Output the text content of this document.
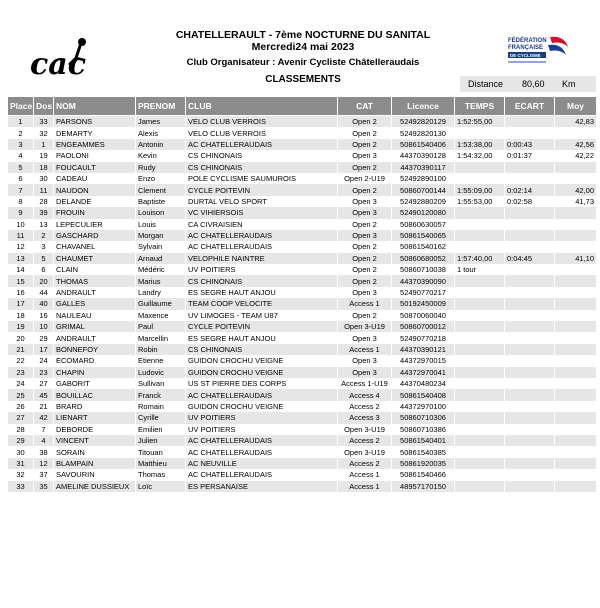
cac
CHATELLERAULT - 7ème NOCTURNE DU SANITAL
Mercredi24 mai 2023
Club Organisateur : Avenir Cycliste Châtelleraudais
CLASSEMENTS
FÉDÉRATION
FRANÇAISE
DE CYCLISME
Distance 80,60 Km
Place	Dos	NOM	PRENOM	CLUB	CAT	Licence	TEMPS	ECART	Moy
1	33	PARSONS	James	VELO CLUB VERROIS	Open 2	52492820129	1:52:55,00		42,83
2	32	DEMARTY	Alexis	VELO CLUB VERROIS	Open 2	52492820130			
3	1	ENGEAMMES	Antonin	AC CHATELLERAUDAIS	Open 2	50861540406	1:53:38,00	0:00:43	42,56
4	19	PAOLONI	Kevin	CS CHINONAIS	Open 3	44370390128	1:54:32,00	0:01:37	42,22
5	18	FOUCAULT	Rudy	CS CHINONAIS	Open 2	44370390117			
6	30	CADEAU	Enzo	POLE CYCLISME SAUMUROIS	Open 2-U19	52492890100			
7	11	NAUDON	Clement	CYCLE POITEVIN	Open 2	50860700144	1:55:09,00	0:02:14	42,00
8	28	DELANDE	Baptiste	DURTAL VELO SPORT	Open 3	52492880209	1:55:53,00	0:02:58	41,73
9	39	FROUIN	Louison	VC VIHIERSOIS	Open 3	52490120080			
10	13	LEPECULIER	Louis	CA CIVRAISIEN	Open 2	50860630057			
11	2	GASCHARD	Morgan	AC CHATELLERAUDAIS	Open 3	50861540065			
12	3	CHAVANEL	Sylvain	AC CHATELLERAUDAIS	Open 2	50861540162			
13	5	CHAUMET	Arnaud	VELOPHILE NAINTRE	Open 2	50860680052	1:57:40,00	0:04:45	41,10
14	6	CLAIN	Médéric	UV POITIERS	Open 2	50860710038	1 tour		
15	20	THOMAS	Marius	CS CHINONAIS	Open 2	44370390090			
16	44	ANDRAULT	Landry	ES SEGRE HAUT ANJOU	Open 3	52490770217			
17	40	GALLES	Guillaume	TEAM COOP VELOCITE	Access 1	50192450009			
18	16	NAULEAU	Maxence	UV LIMOGES - TEAM U87	Open 2	50870060040			
19	10	GRIMAL	Paul	CYCLE POITEVIN	Open 3-U19	50860700012			
20	29	ANDRAULT	Marcellin	ES SEGRE HAUT ANJOU	Open 3	52490770218			
21	17	BONNEFOY	Robin	CS CHINONAIS	Access 1	44370390121			
22	24	ECOMARD	Etienne	GUIDON CROCHU VEIGNE	Open 3	44372970015			
23	23	CHAPIN	Ludovic	GUIDON CROCHU VEIGNE	Open 3	44372970041			
24	27	GABORIT	Sullivan	US ST PIERRE DES CORPS	Access 1-U19	44370480234			
25	45	BOUILLAC	Franck	AC CHATELLERAUDAIS	Access 4	50861540408			
26	21	BRARD	Romain	GUIDON CROCHU VEIGNE	Access 2	44372970100			
27	42	LIENART	Cyrille	UV POITIERS	Access 3	50860710306			
28	7	DEBORDE	Emilien	UV POITIERS	Open 3-U19	50860710386			
29	4	VINCENT	Julien	AC CHATELLERAUDAIS	Access 2	50861540401			
30	38	SORAIN	Titouan	AC CHATELLERAUDAIS	Open 3-U19	50861540385			
31	12	BLAMPAIN	Matthieu	AC NEUVILLE	Access 2	50861920035			
32	37	SAVOURIN	Thomas	AC CHATELLERAUDAIS	Access 1	50861540466			
33	35	AMELINE DUSSIEUX	Loïc	ES PERSANAISE	Access 1	48957170150			
